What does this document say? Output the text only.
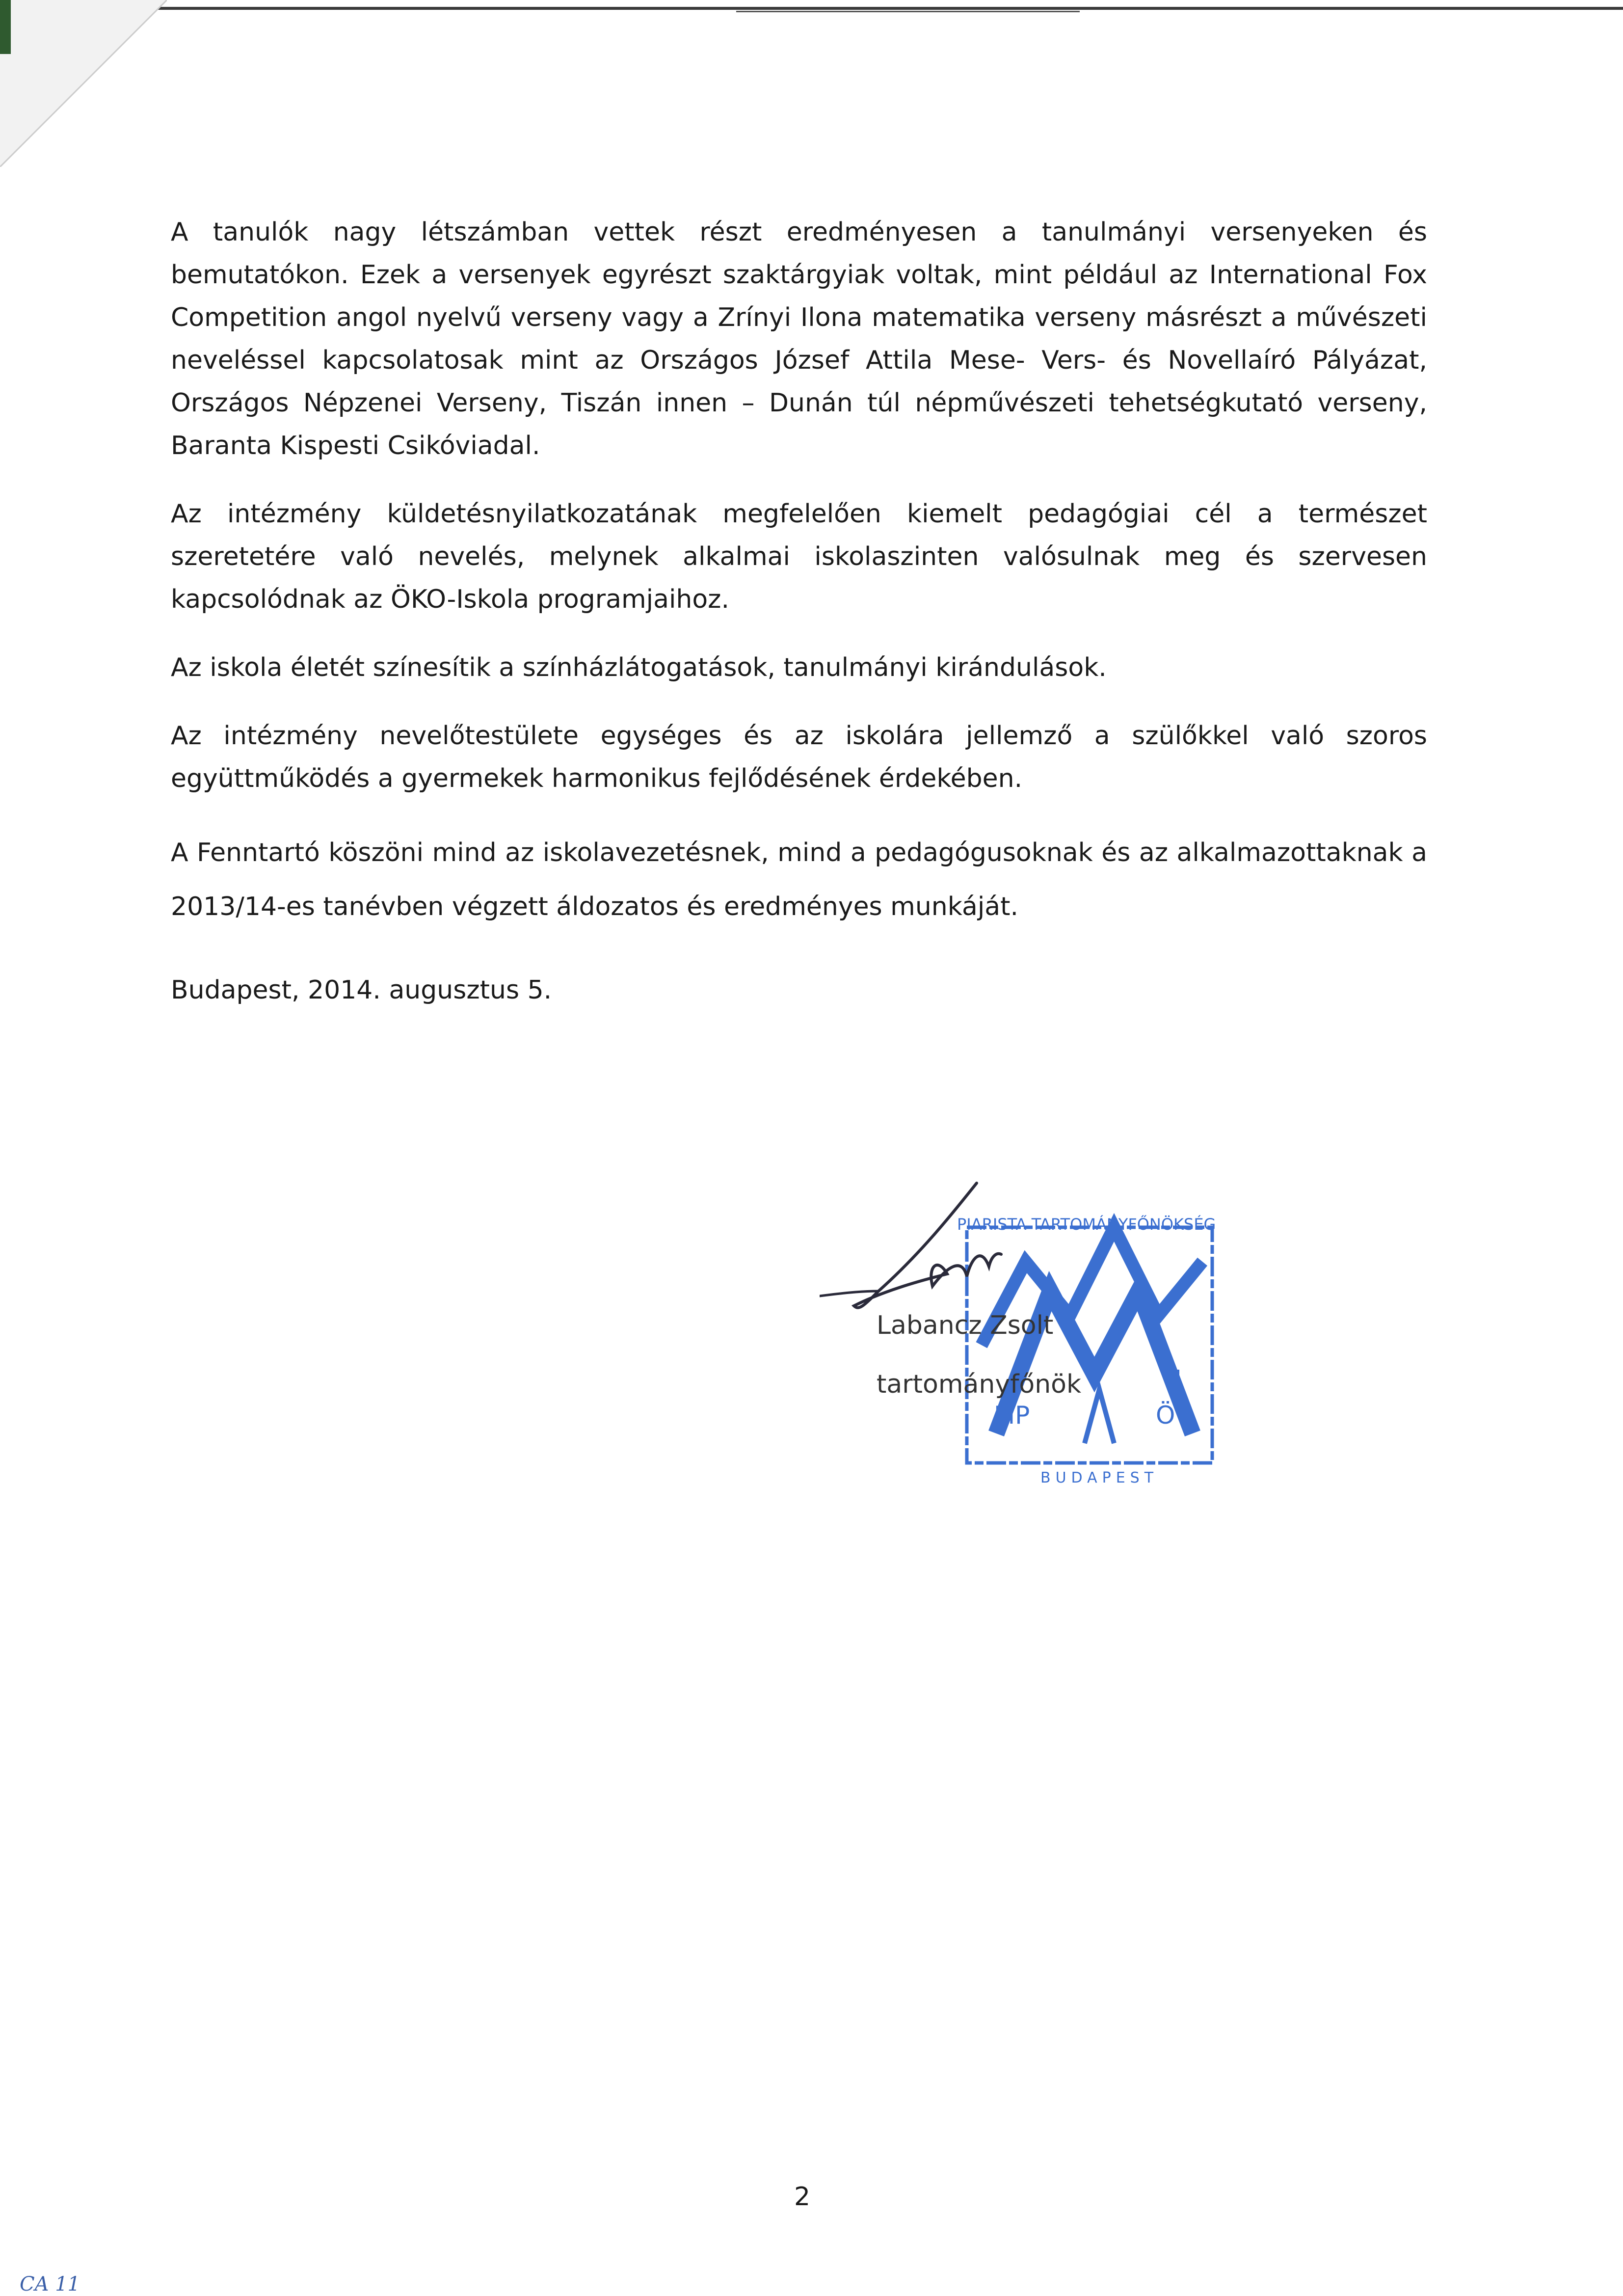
A tanulók nagy létszámban vettek részt eredményesen a tanulmányi versenyeken és bemutatókon. Ezek a versenyek egyrészt szaktárgyiak voltak, mint például az International Fox Competition angol nyelvű verseny vagy a Zrínyi Ilona matematika verseny másrészt a művészeti neveléssel kapcsolatosak mint az Országos József Attila Mese- Vers- és Novellaíró Pályázat, Országos Népzenei Verseny, Tiszán innen – Dunán túl népművészeti tehetségkutató verseny, Baranta Kispesti Csikóviadal.

Az intézmény küldetésnyilatkozatának megfelelően kiemelt pedagógiai cél a természet szeretetére való nevelés, melynek alkalmai iskolaszinten valósulnak meg és szervesen kapcsolódnak az ÖKO-Iskola programjaihoz.

Az iskola életét színesítik a színházlátogatások, tanulmányi kirándulások.

Az intézmény nevelőtestülete egységes és az iskolára jellemző a szülőkkel való szoros együttműködés a gyermekek harmonikus fejlődésének érdekében.

A Fenntartó köszöni mind az iskolavezetésnek, mind a pedagógusoknak és az alkalmazottaknak a 2013/14-es tanévben végzett áldozatos és eredményes munkáját.

Budapest, 2014. augusztus 5.
PIARISTA TARTOMÁNYFŐNÖKSÉG
MP	ÖY
BUDAPEST
Labancz Zsolt
tartományfőnök
2
CA 11
